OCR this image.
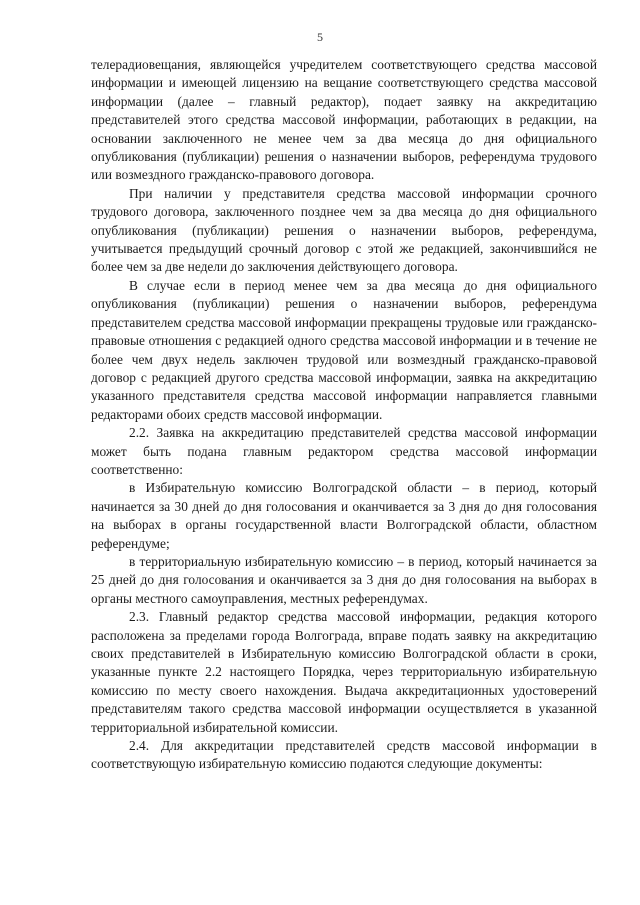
5

телерадиовещания, являющейся учредителем соответствующего средства массовой информации и имеющей лицензию на вещание соответствующего средства массовой информации (далее – главный редактор), подает заявку на аккредитацию представителей этого средства массовой информации, работающих в редакции, на основании заключенного не менее чем за два месяца до дня официального опубликования (публикации) решения о назначении выборов, референдума трудового или возмездного гражданско-правового договора.

При наличии у представителя средства массовой информации срочного трудового договора, заключенного позднее чем за два месяца до дня официального опубликования (публикации) решения о назначении выборов, референдума, учитывается предыдущий срочный договор с этой же редакцией, закончившийся не более чем за две недели до заключения действующего договора.

В случае если в период менее чем за два месяца до дня официального опубликования (публикации) решения о назначении выборов, референдума представителем средства массовой информации прекращены трудовые или гражданско-правовые отношения с редакцией одного средства массовой информации и в течение не более чем двух недель заключен трудовой или возмездный гражданско-правовой договор с редакцией другого средства массовой информации, заявка на аккредитацию указанного представителя средства массовой информации направляется главными редакторами обоих средств массовой информации.

2.2. Заявка на аккредитацию представителей средства массовой информации может быть подана главным редактором средства массовой информации соответственно:

в Избирательную комиссию Волгоградской области – в период, который начинается за 30 дней до дня голосования и оканчивается за 3 дня до дня голосования на выборах в органы государственной власти Волгоградской области, областном референдуме;

в территориальную избирательную комиссию – в период, который начинается за 25 дней до дня голосования и оканчивается за 3 дня до дня голосования на выборах в органы местного самоуправления, местных референдумах.

2.3. Главный редактор средства массовой информации, редакция которого расположена за пределами города Волгограда, вправе подать заявку на аккредитацию своих представителей в Избирательную комиссию Волгоградской области в сроки, указанные пункте 2.2 настоящего Порядка, через территориальную избирательную комиссию по месту своего нахождения. Выдача аккредитационных удостоверений представителям такого средства массовой информации осуществляется в указанной территориальной избирательной комиссии.

2.4. Для аккредитации представителей средств массовой информации в соответствующую избирательную комиссию подаются следующие документы:
